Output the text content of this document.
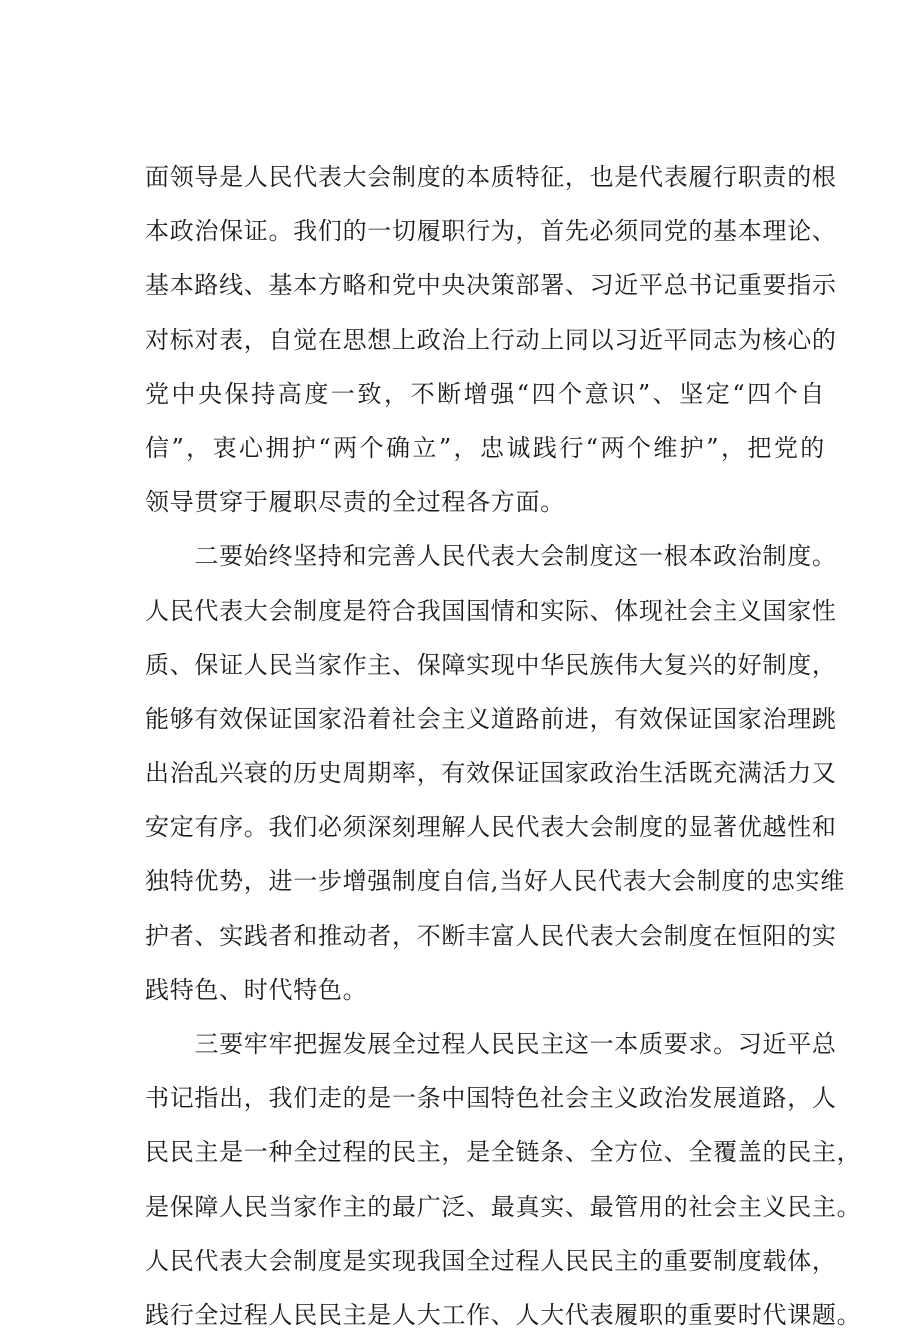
面领导是人民代表大会制度的本质特征，也是代表履行职责的根
本政治保证。我们的一切履职行为，首先必须同党的基本理论、
基本路线、基本方略和党中央决策部署、习近平总书记重要指示
对标对表，自觉在思想上政治上行动上同以习近平同志为核心的
党中央保持高度一致，不断增强“四个意识”、坚定“四个自
信”，衷心拥护“两个确立”，忠诚践行“两个维护”，把党的
领导贯穿于履职尽责的全过程各方面。
　　二要始终坚持和完善人民代表大会制度这一根本政治制度。
人民代表大会制度是符合我国国情和实际、体现社会主义国家性
质、保证人民当家作主、保障实现中华民族伟大复兴的好制度，
能够有效保证国家沿着社会主义道路前进，有效保证国家治理跳
出治乱兴衰的历史周期率，有效保证国家政治生活既充满活力又
安定有序。我们必须深刻理解人民代表大会制度的显著优越性和
独特优势，进一步增强制度自信,当好人民代表大会制度的忠实维
护者、实践者和推动者，不断丰富人民代表大会制度在恒阳的实
践特色、时代特色。
　　三要牢牢把握发展全过程人民民主这一本质要求。习近平总
书记指出，我们走的是一条中国特色社会主义政治发展道路，人
民民主是一种全过程的民主，是全链条、全方位、全覆盖的民主，
是保障人民当家作主的最广泛、最真实、最管用的社会主义民主。
人民代表大会制度是实现我国全过程人民民主的重要制度载体，
践行全过程人民民主是人大工作、人大代表履职的重要时代课题。
